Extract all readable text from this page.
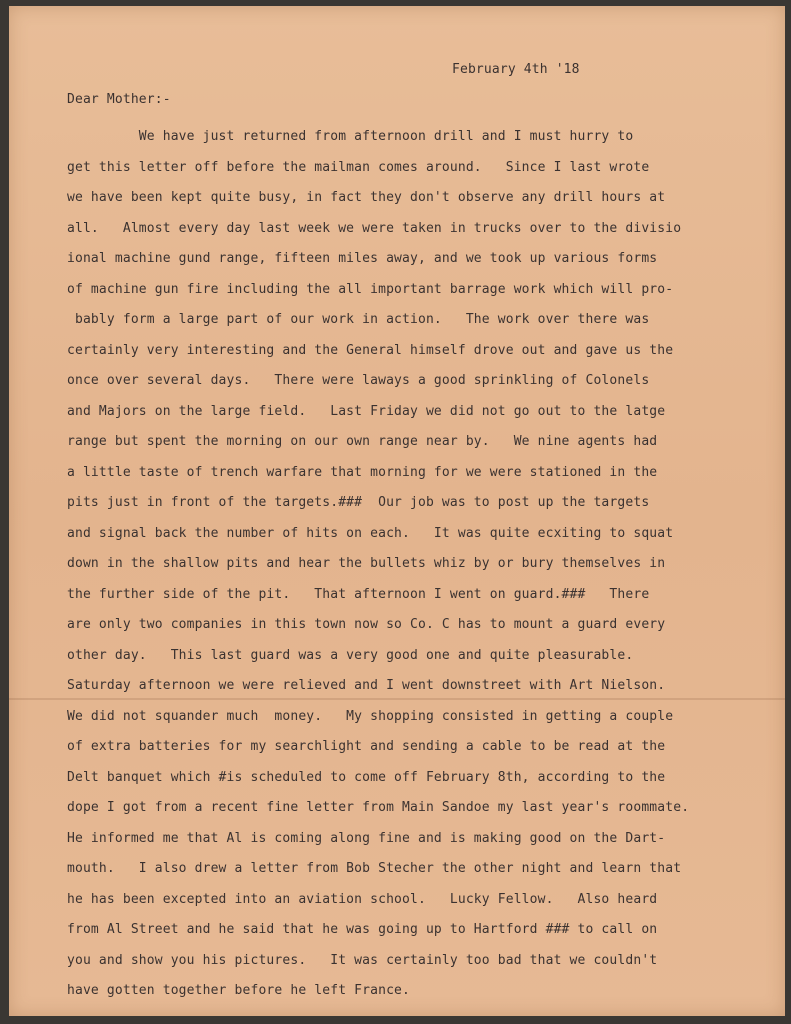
February 4th '18
Dear Mother:-
We have just returned from afternoon drill and I must hurry to
get this letter off before the mailman comes around.   Since I last wrote
we have been kept quite busy, in fact they don't observe any drill hours at
all.   Almost every day last week we were taken in trucks over to the divisio
ional machine gund range, fifteen miles away, and we took up various forms
of machine gun fire including the all important barrage work which will pro-
bably form a large part of our work in action.   The work over there was
certainly very interesting and the General himself drove out and gave us the
once over several days.   There were laways a good sprinkling of Colonels
and Majors on the large field.   Last Friday we did not go out to the latge
range but spent the morning on our own range near by.   We nine agents had
a little taste of trench warfare that morning for we were stationed in the
pits just in front of the targets.###  Our job was to post up the targets
and signal back the number of hits on each.   It was quite ecxiting to squat
down in the shallow pits and hear the bullets whiz by or bury themselves in
the further side of the pit.   That afternoon I went on guard.###   There
are only two companies in this town now so Co. C has to mount a guard every
other day.   This last guard was a very good one and quite pleasurable.
Saturday afternoon we were relieved and I went downstreet with Art Nielson.
We did not squander much  money.   My shopping consisted in getting a couple
of extra batteries for my searchlight and sending a cable to be read at the
Delt banquet which #is scheduled to come off February 8th, according to the
dope I got from a recent fine letter from Main Sandoe my last year's roommate.
He informed me that Al is coming along fine and is making good on the Dart-
mouth.   I also drew a letter from Bob Stecher the other night and learn that
he has been excepted into an aviation school.   Lucky Fellow.   Also heard
from Al Street and he said that he was going up to Hartford ### to call on
you and show you his pictures.   It was certainly too bad that we couldn't
have gotten together before he left France.
